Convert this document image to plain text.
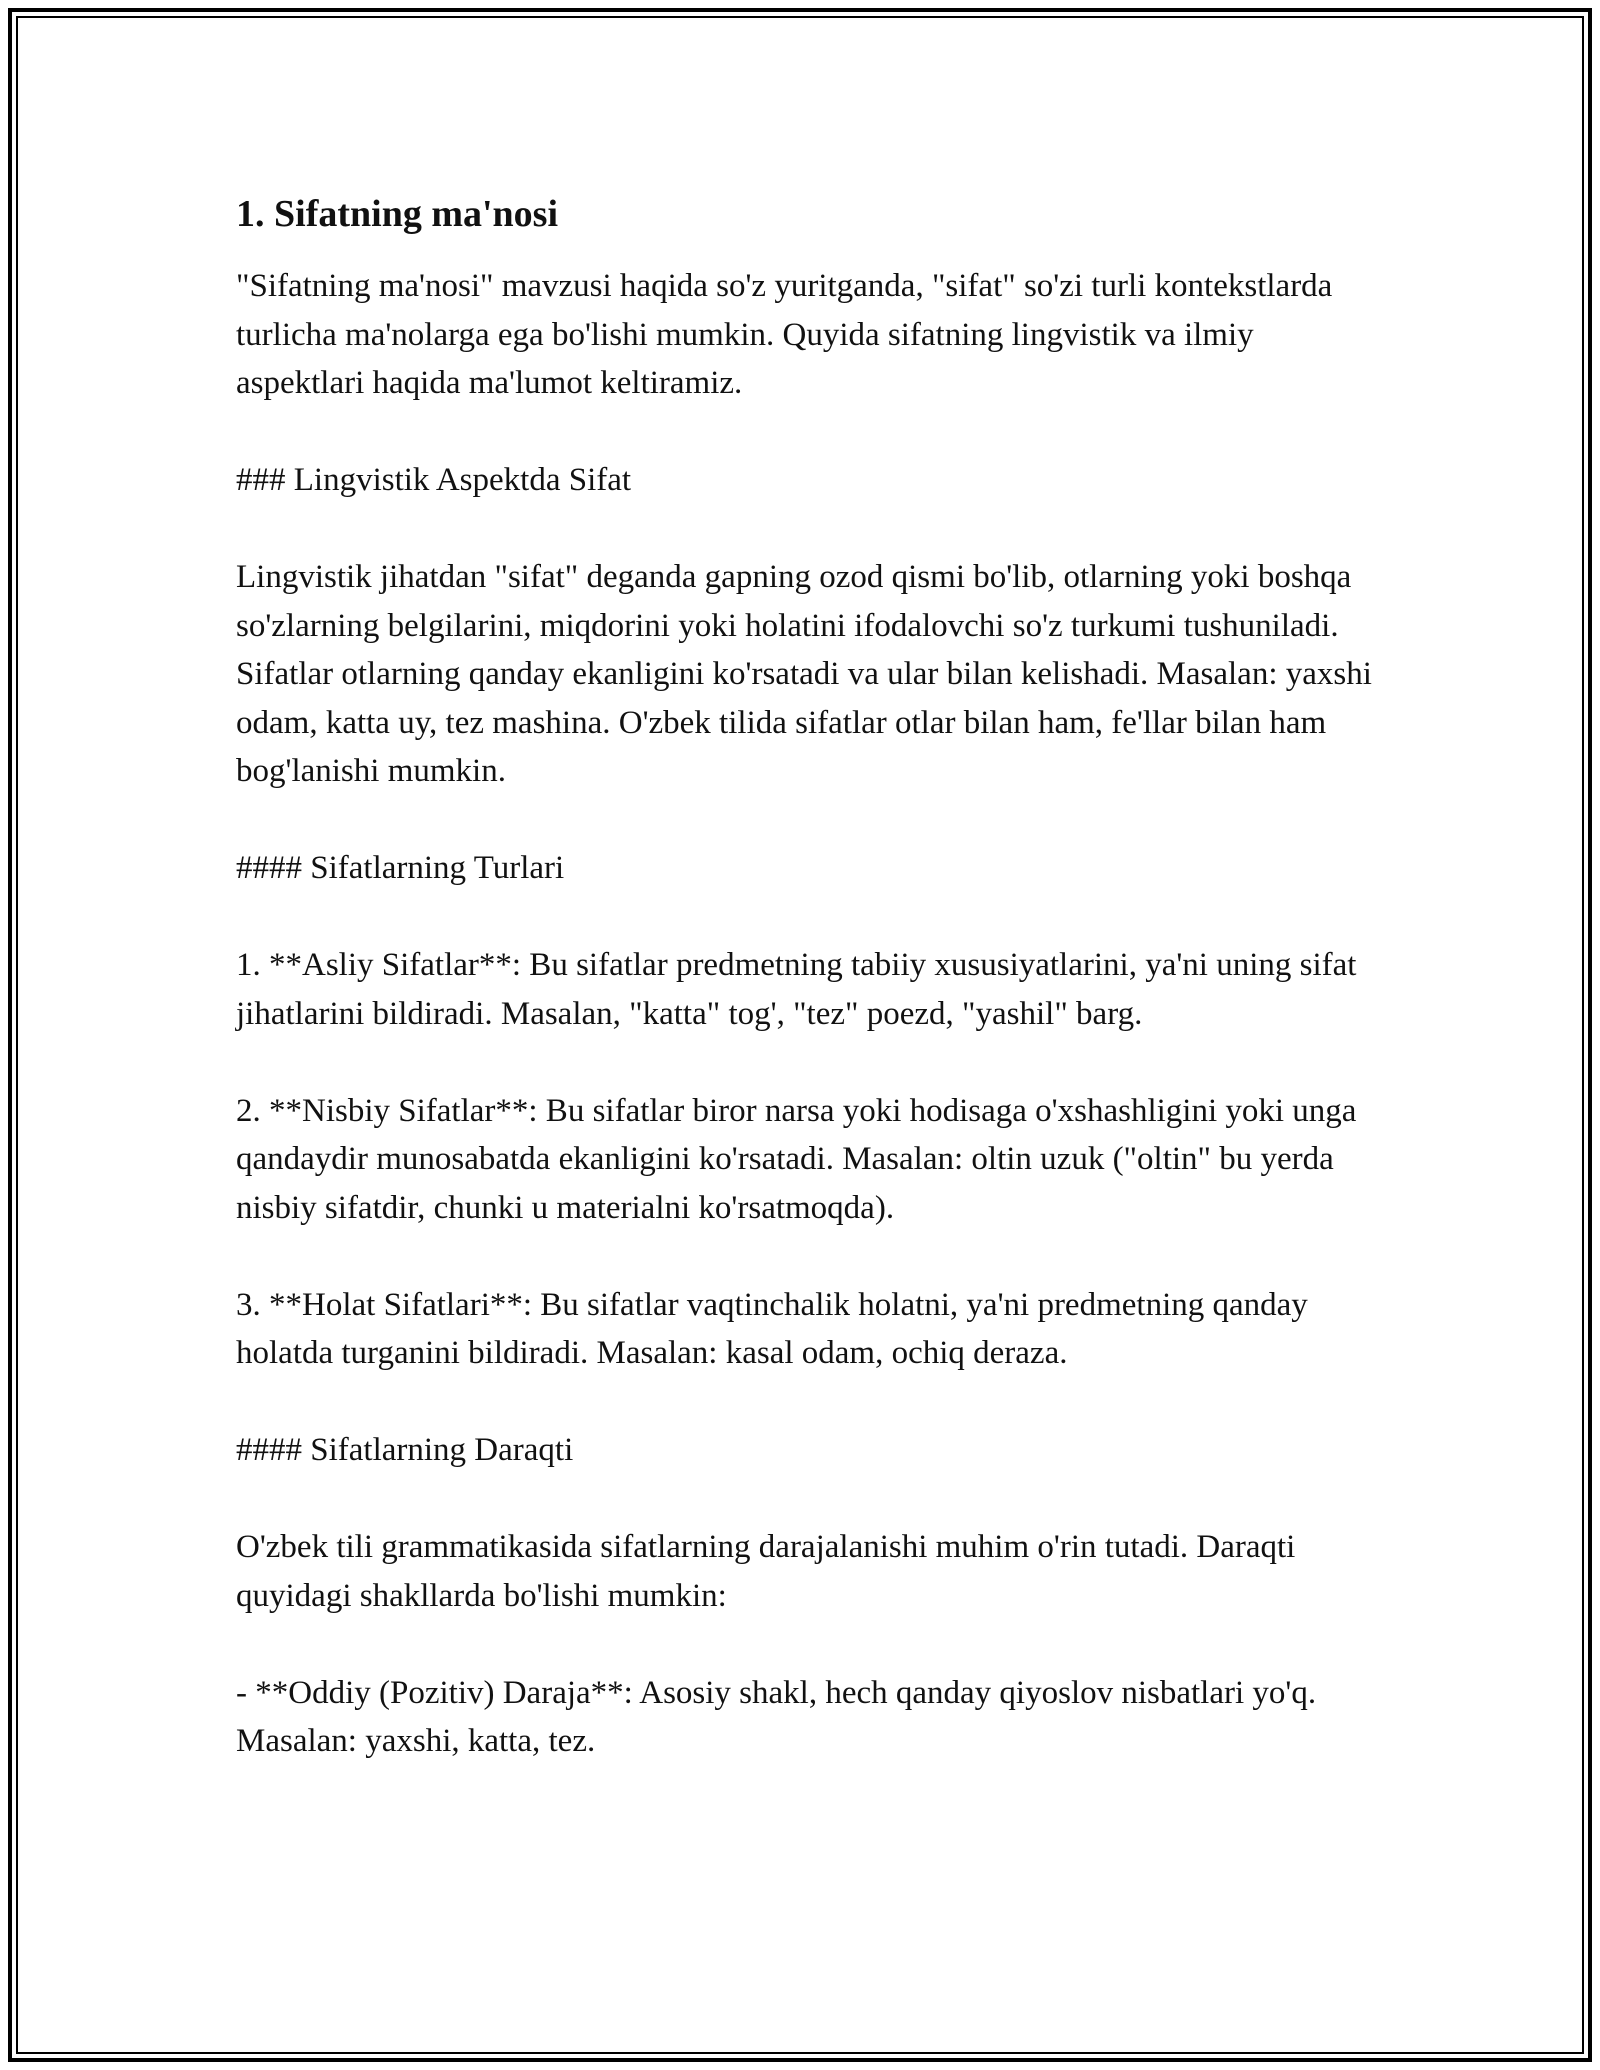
1. Sifatning ma'nosi

"Sifatning ma'nosi" mavzusi haqida so'z yuritganda, "sifat" so'zi turli kontekstlarda turlicha ma'nolarga ega bo'lishi mumkin. Quyida sifatning lingvistik va ilmiy aspektlari haqida ma'lumot keltiramiz.

### Lingvistik Aspektda Sifat

Lingvistik jihatdan "sifat" deganda gapning ozod qismi bo'lib, otlarning yoki boshqa so'zlarning belgilarini, miqdorini yoki holatini ifodalovchi so'z turkumi tushuniladi. Sifatlar otlarning qanday ekanligini ko'rsatadi va ular bilan kelishadi. Masalan: yaxshi odam, katta uy, tez mashina. O'zbek tilida sifatlar otlar bilan ham, fe'llar bilan ham bog'lanishi mumkin.

#### Sifatlarning Turlari

1. **Asliy Sifatlar**: Bu sifatlar predmetning tabiiy xususiyatlarini, ya'ni uning sifat jihatlarini bildiradi. Masalan, "katta" tog', "tez" poezd, "yashil" barg.

2. **Nisbiy Sifatlar**: Bu sifatlar biror narsa yoki hodisaga o'xshashligini yoki unga qandaydir munosabatda ekanligini ko'rsatadi. Masalan: oltin uzuk ("oltin" bu yerda nisbiy sifatdir, chunki u materialni ko'rsatmoqda).

3. **Holat Sifatlari**: Bu sifatlar vaqtinchalik holatni, ya'ni predmetning qanday holatda turganini bildiradi. Masalan: kasal odam, ochiq deraza.

#### Sifatlarning Daraqti

O'zbek tili grammatikasida sifatlarning darajalanishi muhim o'rin tutadi. Daraqti quyidagi shakllarda bo'lishi mumkin:

- **Oddiy (Pozitiv) Daraja**: Asosiy shakl, hech qanday qiyoslov nisbatlari yo'q. Masalan: yaxshi, katta, tez.
